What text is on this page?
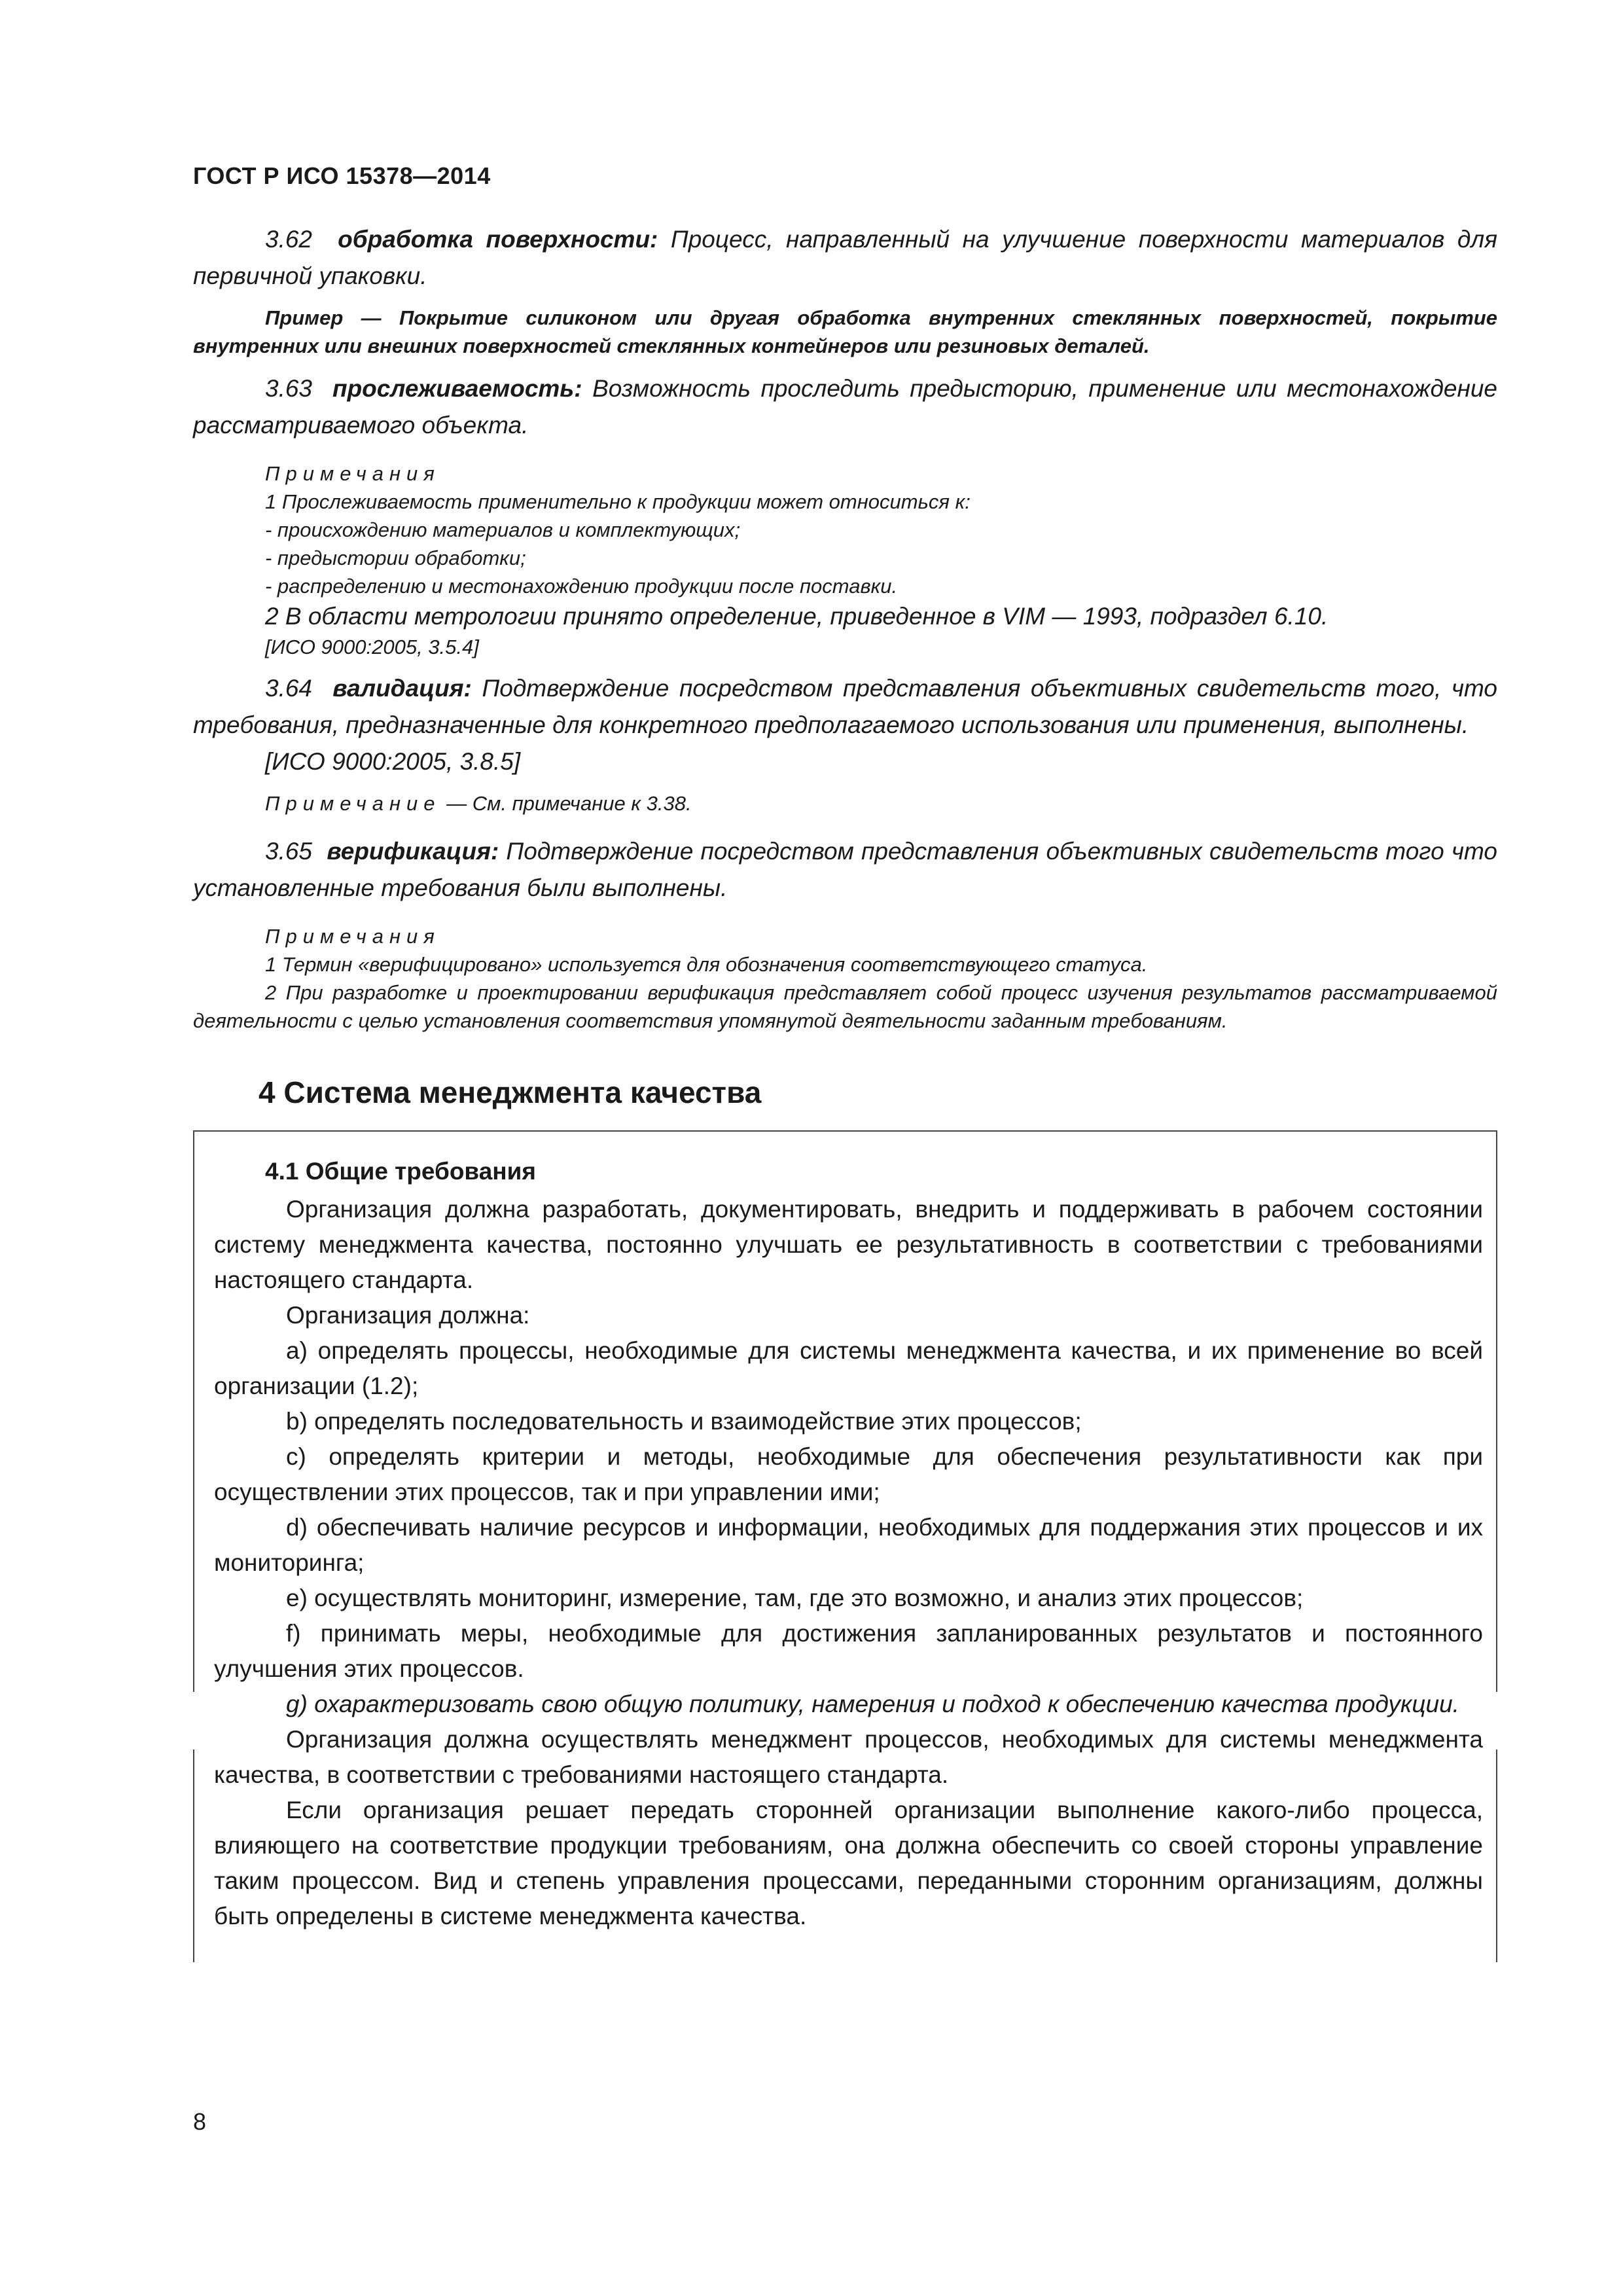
ГОСТ Р ИСО 15378—2014

3.62 обработка поверхности: Процесс, направленный на улучшение поверхности материалов для первичной упаковки.

Пример — Покрытие силиконом или другая обработка внутренних стеклянных поверхностей, покрытие внутренних или внешних поверхностей стеклянных контейнеров или резиновых деталей.

3.63 прослеживаемость: Возможность проследить предысторию, применение или местонахождение рассматриваемого объекта.

Примечания

1 Прослеживаемость применительно к продукции может относиться к:

- происхождению материалов и комплектующих;

- предыстории обработки;

- распределению и местонахождению продукции после поставки.

2 В области метрологии принято определение, приведенное в VIM — 1993, подраздел 6.10.

[ИСО 9000:2005, 3.5.4]

3.64 валидация: Подтверждение посредством представления объективных свидетельств того, что требования, предназначенные для конкретного предполагаемого использования или применения, выполнены.

[ИСО 9000:2005, 3.8.5]

Примечание — См. примечание к 3.38.

3.65 верификация: Подтверждение посредством представления объективных свидетельств того что установленные требования были выполнены.

Примечания

1 Термин «верифицировано» используется для обозначения соответствующего статуса.

2 При разработке и проектировании верификация представляет собой процесс изучения результатов рассматриваемой деятельности с целью установления соответствия упомянутой деятельности заданным требованиям.

4 Система менеджмента качества
4.1 Общие требования

Организация должна разработать, документировать, внедрить и поддерживать в рабочем состоянии систему менеджмента качества, постоянно улучшать ее результативность в соответствии с требованиями настоящего стандарта.

Организация должна:

а) определять процессы, необходимые для системы менеджмента качества, и их применение во всей организации (1.2);

b) определять последовательность и взаимодействие этих процессов;

с) определять критерии и методы, необходимые для обеспечения результативности как при осуществлении этих процессов, так и при управлении ими;

d) обеспечивать наличие ресурсов и информации, необходимых для поддержания этих процессов и их мониторинга;

е) осуществлять мониторинг, измерение, там, где это возможно, и анализ этих процессов;

f) принимать меры, необходимые для достижения запланированных результатов и постоянного улучшения этих процессов.

g) охарактеризовать свою общую политику, намерения и подход к обеспечению качества продукции.

Организация должна осуществлять менеджмент процессов, необходимых для системы менеджмента качества, в соответствии с требованиями настоящего стандарта.

Если организация решает передать сторонней организации выполнение какого-либо процесса, влияющего на соответствие продукции требованиям, она должна обеспечить со своей стороны управление таким процессом. Вид и степень управления процессами, переданными сторонним организациям, должны быть определены в системе менеджмента качества.

8
